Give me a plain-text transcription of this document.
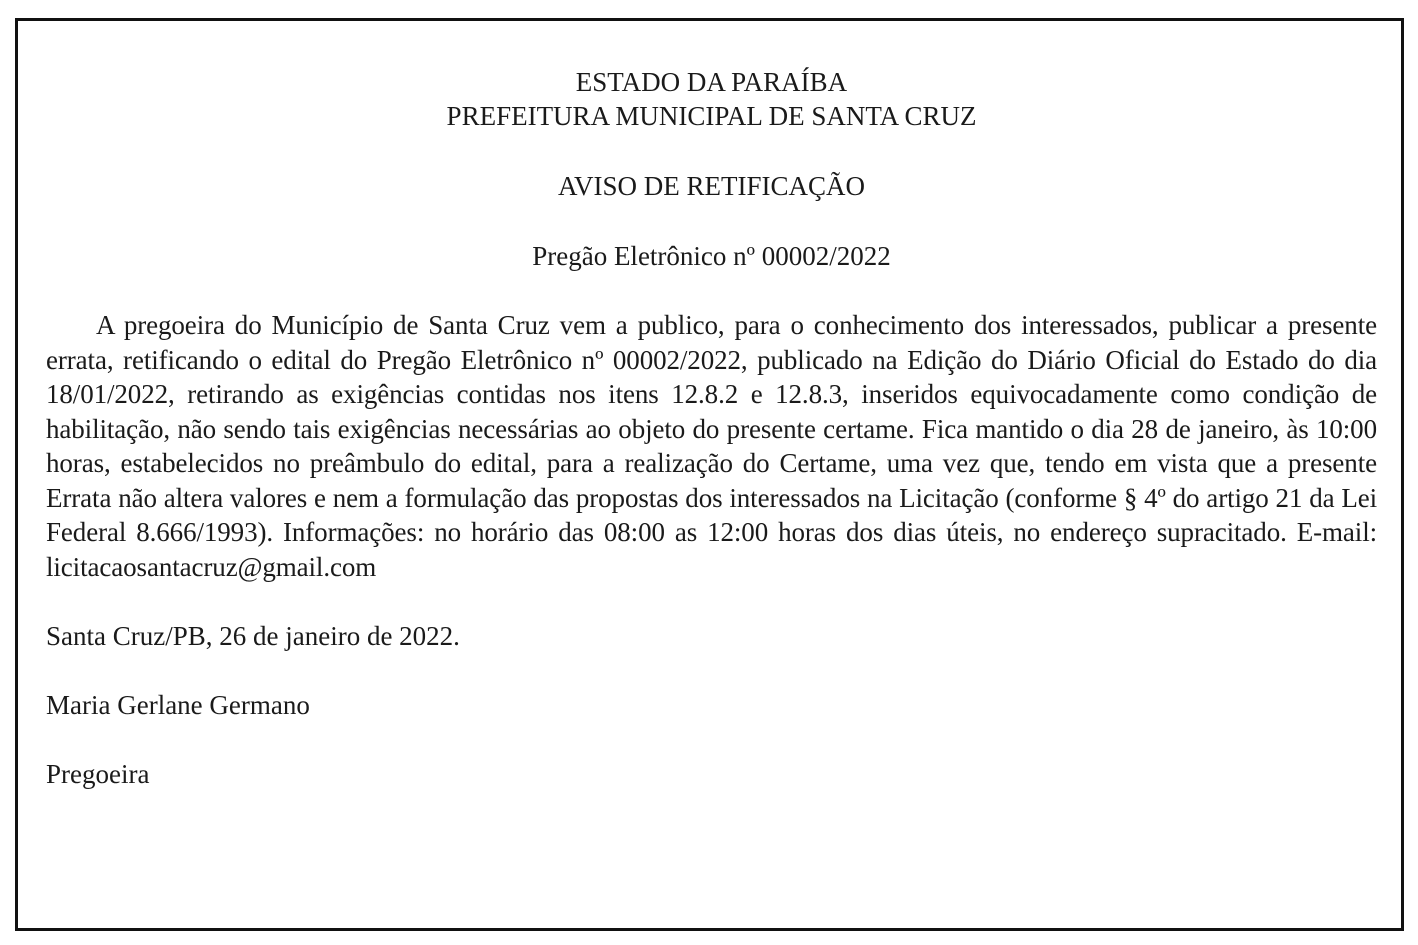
ESTADO DA PARAÍBA

PREFEITURA MUNICIPAL DE SANTA CRUZ

AVISO DE RETIFICAÇÃO

Pregão Eletrônico nº 00002/2022

A pregoeira do Município de Santa Cruz vem a publico, para o conhecimento dos interessados, publicar a presente errata, retificando o edital do Pregão Eletrônico nº 00002/2022, publicado na Edição do Diário Oficial do Estado do dia 18/01/2022, retirando as exigências contidas nos itens 12.8.2 e 12.8.3, inseridos equivocadamente como condição de habilitação, não sendo tais exigências necessárias ao objeto do presente certame. Fica mantido o dia 28 de janeiro, às 10:00 horas, estabelecidos no preâmbulo do edital, para a realização do Certame, uma vez que, tendo em vista que a presente Errata não altera valores e nem a formulação das propostas dos interessados na Licitação (conforme § 4º do artigo 21 da Lei Federal 8.666/1993). Informações: no horário das 08:00 as 12:00 horas dos dias úteis, no endereço supracitado. E-mail: licitacaosantacruz@gmail.com

Santa Cruz/PB, 26 de janeiro de 2022.

Maria Gerlane Germano

Pregoeira
